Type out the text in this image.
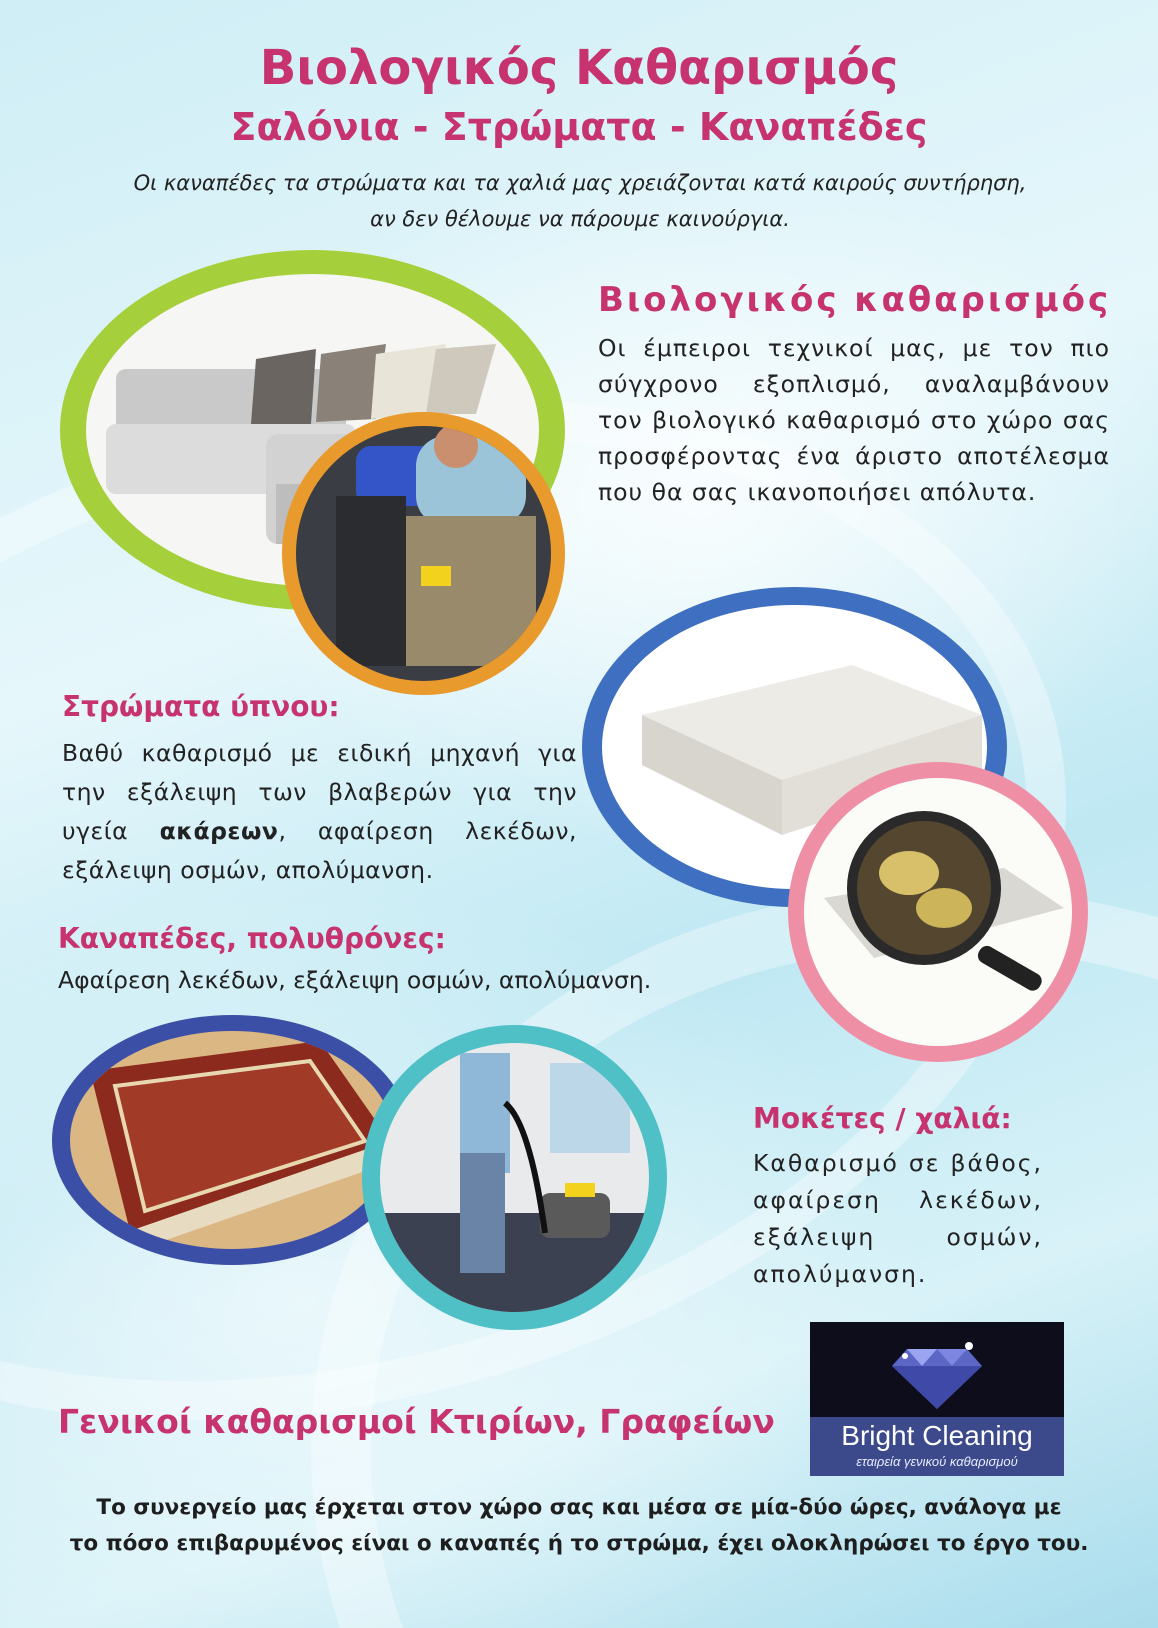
Βιολογικός Καθαρισμός
Σαλόνια - Στρώματα - Καναπέδες
Οι καναπέδες τα στρώματα και τα χαλιά μας χρειάζονται κατά καιρούς συντήρηση,
αν δεν θέλουμε να πάρουμε καινούργια.
Βιολογικός καθαρισμός
Οι έμπειροι τεχνικοί μας, με τον πιο σύγχρονο εξοπλισμό, αναλαμβάνουν τον βιολογικό καθαρισμό στο χώρο σας προσφέροντας ένα άριστο αποτέλεσμα που θα σας ικανοποιήσει απόλυτα.
Στρώματα ύπνου:
Βαθύ καθαρισμό με ειδική μηχανή για την εξάλειψη των βλαβερών για την υγεία ακάρεων, αφαίρεση λεκέδων, εξάλειψη οσμών, απολύμανση.
Καναπέδες, πολυθρόνες:
Αφαίρεση λεκέδων, εξάλειψη οσμών, απολύμανση.
Μοκέτες / χαλιά:
Καθαρισμό σε βάθος, αφαίρεση λεκέδων, εξάλειψη οσμών, απολύμανση.
Γενικοί καθαρισμοί Κτιρίων, Γραφείων	Bright Cleaning
εταιρεία γενικού καθαρισμού
Το συνεργείο μας έρχεται στον χώρο σας και μέσα σε μία-δύο ώρες, ανάλογα με
το πόσο επιβαρυμένος είναι ο καναπές ή το στρώμα, έχει ολοκληρώσει το έργο του.
